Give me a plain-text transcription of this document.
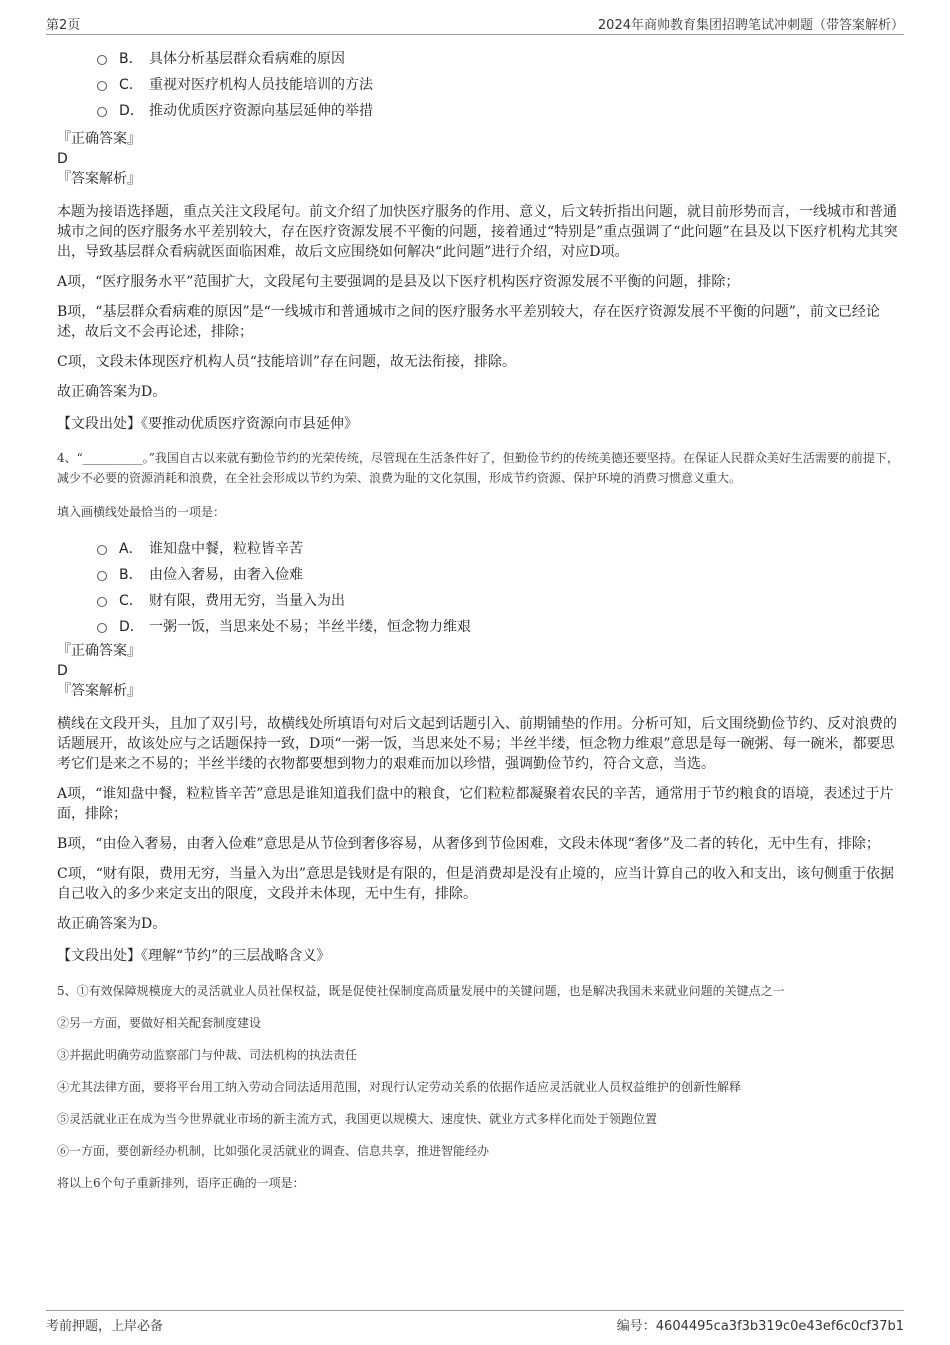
第2页	2024年商帅教育集团招聘笔试冲刺题（带答案解析）
B． 具体分析基层群众看病难的原因
C． 重视对医疗机构人员技能培训的方法
D． 推动优质医疗资源向基层延伸的举措
『正确答案』
D
『答案解析』

本题为接语选择题，重点关注文段尾句。前文介绍了加快医疗服务的作用、意义，后文转折指出问题，就目前形势而言，一线城市和普通城市之间的医疗服务水平差别较大，存在医疗资源发展不平衡的问题，接着通过“特别是”重点强调了“此问题”在县及以下医疗机构尤其突出，导致基层群众看病就医面临困难，故后文应围绕如何解决“此问题”进行介绍，对应D项。

A项，“医疗服务水平”范围扩大，文段尾句主要强调的是县及以下医疗机构医疗资源发展不平衡的问题，排除；

B项，“基层群众看病难的原因”是“一线城市和普通城市之间的医疗服务水平差别较大，存在医疗资源发展不平衡的问题”，前文已经论述，故后文不会再论述，排除；

C项，文段未体现医疗机构人员“技能培训”存在问题，故无法衔接，排除。

故正确答案为D。

【文段出处】《要推动优质医疗资源向市县延伸》
4、“__________。”我国自古以来就有勤俭节约的光荣传统，尽管现在生活条件好了，但勤俭节约的传统美德还要坚持。在保证人民群众美好生活需要的前提下，减少不必要的资源消耗和浪费，在全社会形成以节约为荣、浪费为耻的文化氛围，形成节约资源、保护环境的消费习惯意义重大。
填入画横线处最恰当的一项是：
A． 谁知盘中餐，粒粒皆辛苦
B． 由俭入奢易，由奢入俭难
C． 财有限，费用无穷，当量入为出
D． 一粥一饭，当思来处不易；半丝半缕，恒念物力维艰
『正确答案』
D
『答案解析』

横线在文段开头，且加了双引号，故横线处所填语句对后文起到话题引入、前期铺垫的作用。分析可知，后文围绕勤俭节约、反对浪费的话题展开，故该处应与之话题保持一致，D项“一粥一饭，当思来处不易；半丝半缕，恒念物力维艰”意思是每一碗粥、每一碗米，都要思考它们是来之不易的；半丝半缕的衣物都要想到物力的艰难而加以珍惜，强调勤俭节约，符合文意，当选。

A项，“谁知盘中餐，粒粒皆辛苦”意思是谁知道我们盘中的粮食，它们粒粒都凝聚着农民的辛苦，通常用于节约粮食的语境，表述过于片面，排除；

B项，“由俭入奢易，由奢入俭难”意思是从节俭到奢侈容易，从奢侈到节俭困难，文段未体现“奢侈”及二者的转化，无中生有，排除；

C项，“财有限，费用无穷，当量入为出”意思是钱财是有限的，但是消费却是没有止境的，应当计算自己的收入和支出，该句侧重于依据自己收入的多少来定支出的限度，文段并未体现，无中生有，排除。

故正确答案为D。

【文段出处】《理解“节约”的三层战略含义》
5、①有效保障规模庞大的灵活就业人员社保权益，既是促使社保制度高质量发展中的关键问题，也是解决我国未来就业问题的关键点之一
②另一方面，要做好相关配套制度建设
③并据此明确劳动监察部门与仲裁、司法机构的执法责任
④尤其法律方面，要将平台用工纳入劳动合同法适用范围，对现行认定劳动关系的依据作适应灵活就业人员权益维护的创新性解释
⑤灵活就业正在成为当今世界就业市场的新主流方式，我国更以规模大、速度快、就业方式多样化而处于领跑位置
⑥一方面，要创新经办机制，比如强化灵活就业的调查、信息共享，推进智能经办
将以上6个句子重新排列，语序正确的一项是：
考前押题，上岸必备	编号：4604495ca3f3b319c0e43ef6c0cf37b1
